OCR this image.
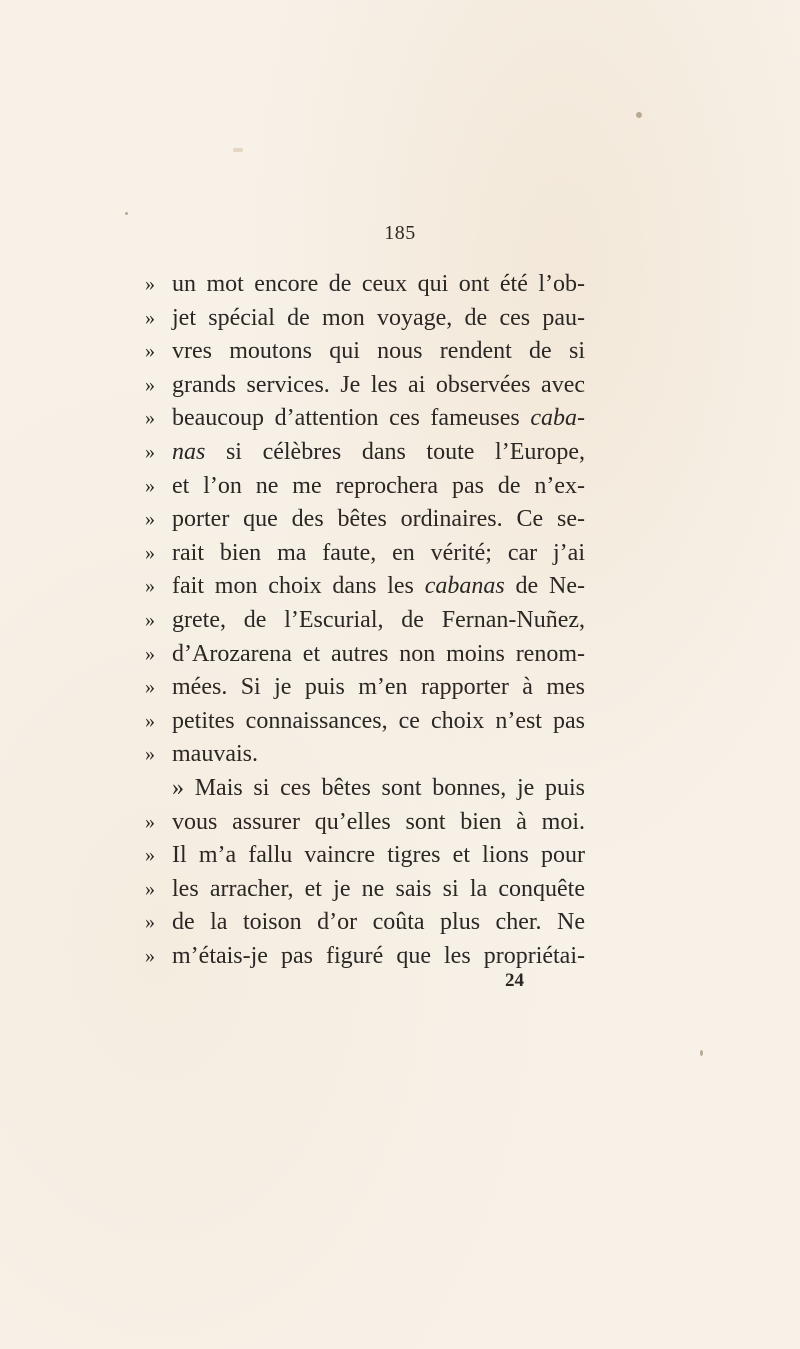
185
» un mot encore de ceux qui ont été l’ob-
» jet spécial de mon voyage, de ces pau-
» vres moutons qui nous rendent de si
» grands services. Je les ai observées avec
» beaucoup d’attention ces fameuses caba-
» nas si célèbres dans toute l’Europe,
» et l’on ne me reprochera pas de n’ex-
» porter que des bêtes ordinaires. Ce se-
» rait bien ma faute, en vérité; car j’ai
» fait mon choix dans les cabanas de Ne-
» grete, de l’Escurial, de Fernan-Nuñez,
» d’Arozarena et autres non moins renom-
» mées. Si je puis m’en rapporter à mes
» petites connaissances, ce choix n’est pas
» mauvais.
» Mais si ces bêtes sont bonnes, je puis
» vous assurer qu’elles sont bien à moi.
» Il m’a fallu vaincre tigres et lions pour
» les arracher, et je ne sais si la conquête
» de la toison d’or coûta plus cher. Ne
» m’étais-je pas figuré que les propriétai-
24
